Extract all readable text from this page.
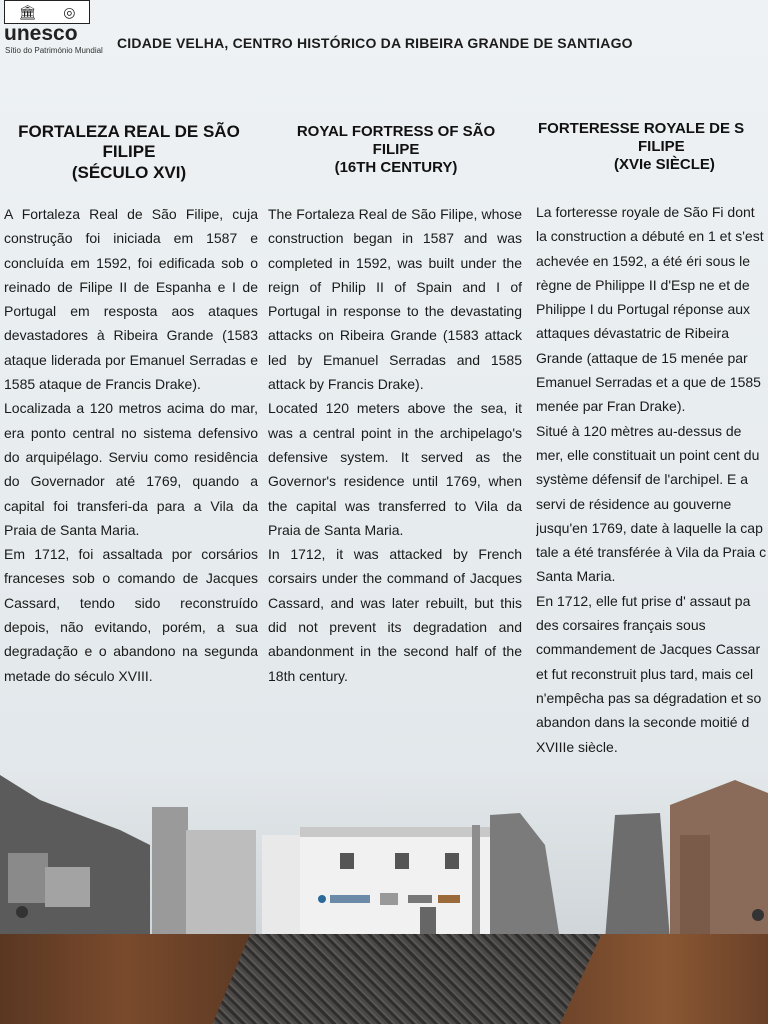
🏛 ◎
unesco
Sítio do Património Mundial CIDADE VELHA, CENTRO HISTÓRICO DA RIBEIRA GRANDE DE SANTIAGO
FORTALEZA REAL DE SÃO
FILIPE
(SÉCULO XVI)

A Fortaleza Real de São Filipe, cuja construção foi iniciada em 1587 e concluída em 1592, foi edificada sob o reinado de Filipe II de Espanha e I de Portugal em resposta aos ataques devastadores à Ribeira Grande (1583 ataque liderada por Emanuel Serradas e 1585 ataque de Francis Drake).

Localizada a 120 metros acima do mar, era ponto central no sistema defensivo do arquipélago. Serviu como residência do Governador até 1769, quando a capital foi transferi-da para a Vila da Praia de Santa Maria.

Em 1712, foi assaltada por corsários franceses sob o comando de Jacques Cassard, tendo sido reconstruído depois, não evitando, porém, a sua degradação e o abandono na segunda metade do século XVIII.

ROYAL FORTRESS OF SÃO
FILIPE
(16TH CENTURY)

The Fortaleza Real de São Filipe, whose construction began in 1587 and was completed in 1592, was built under the reign of Philip II of Spain and I of Portugal in response to the devastating attacks on Ribeira Grande (1583 attack led by Emanuel Serradas and 1585 attack by Francis Drake).

Located 120 meters above the sea, it was a central point in the archipelago's defensive system. It served as the Governor's residence until 1769, when the capital was transferred to Vila da Praia de Santa Maria.

In 1712, it was attacked by French corsairs under the command of Jacques Cassard, and was later rebuilt, but this did not prevent its degradation and abandonment in the second half of the 18th century.

FORTERESSE ROYALE DE S
FILIPE
(XVIe SIÈCLE)

La forteresse royale de São Fi dont la construction a débuté en 1 et s'est achevée en 1592, a été éri sous le règne de Philippe II d'Esp ne et de Philippe I du Portugal réponse aux attaques dévastatric de Ribeira Grande (attaque de 15 menée par Emanuel Serradas et a que de 1585 menée par Fran Drake).

Situé à 120 mètres au-dessus de mer, elle constituait un point cent du système défensif de l'archipel. E a servi de résidence au gouverne jusqu'en 1769, date à laquelle la cap tale a été transférée à Vila da Praia c Santa Maria.

En 1712, elle fut prise d' assaut pa des corsaires français sous commandement de Jacques Cassar et fut reconstruit plus tard, mais cel n'empêcha pas sa dégradation et so abandon dans la seconde moitié d XVIIIe siècle.
